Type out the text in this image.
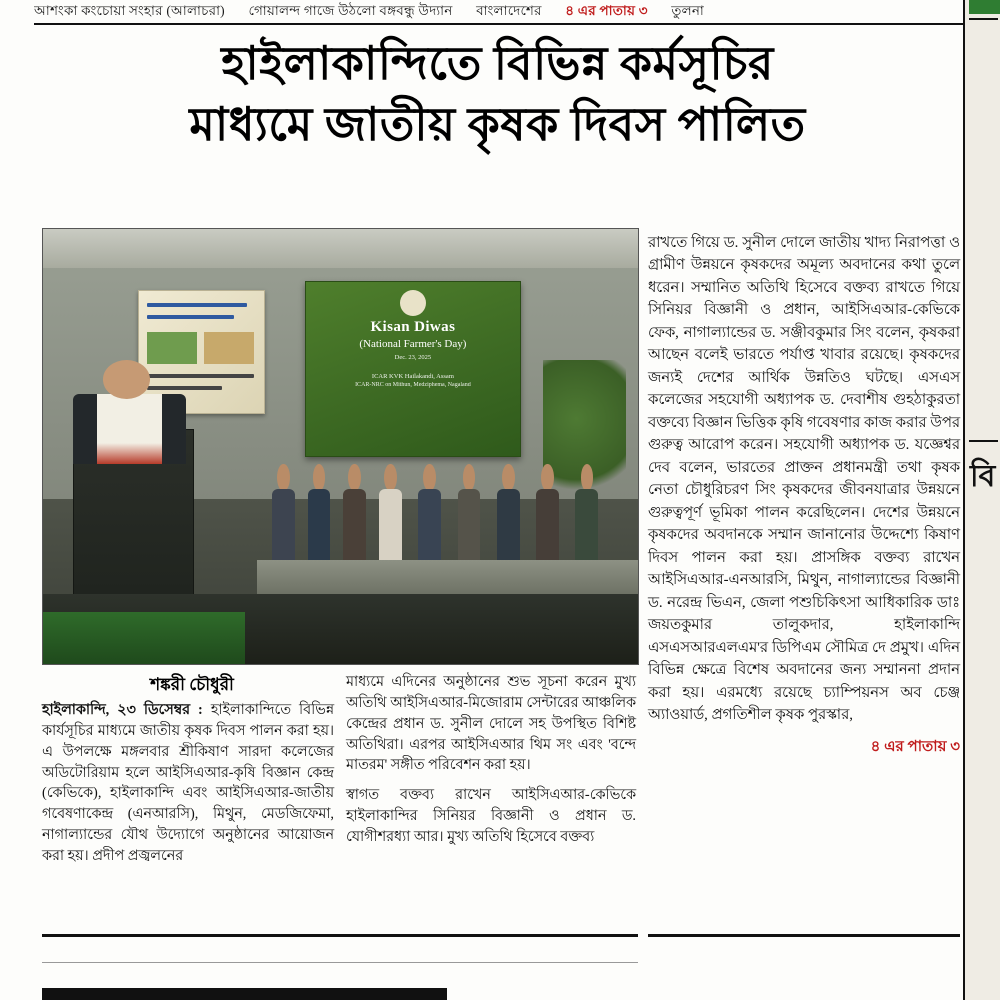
আশংকা কংচোয়া সংহার (আলাচরা) গোয়ালন্দ গাজে উঠলো বঙ্গবন্ধু উদ্যান বাংলাদেশের ৪ এর পাতায় ৩ তুলনা
বি
হাইলাকান্দিতে বিভিন্ন কর্মসূচির
মাধ্যমে জাতীয় কৃষক দিবস পালিত
Kisan Diwas
(National Farmer's Day)
Dec. 23, 2025
ICAR KVK Hailakandi, Assam
ICAR-NRC on Mithun, Medziphema, Nagaland
শঙ্করী চৌধুরী

হাইলাকান্দি, ২৩ ডিসেম্বর : হাইলাকান্দিতে বিভিন্ন কার্যসূচির মাধ্যমে জাতীয় কৃষক দিবস পালন করা হয়। এ উপলক্ষে মঙ্গলবার শ্রীকিষাণ সারদা কলেজের অডিটোরিয়াম হলে আইসিএআর-কৃষি বিজ্ঞান কেন্দ্র (কেভিকে), হাইলাকান্দি এবং আইসিএআর-জাতীয় গবেষণাকেন্দ্র (এনআরসি), মিথুন, মেডজিফেমা, নাগাল্যান্ডের যৌথ উদ্যোগে অনুষ্ঠানের আয়োজন করা হয়। প্রদীপ প্রজ্বলনের

মাধ্যমে এদিনের অনুষ্ঠানের শুভ সূচনা করেন মুখ্য অতিথি আইসিএআর-মিজোরাম সেন্টারের আঞ্চলিক কেন্দ্রের প্রধান ড. সুনীল দোলে সহ উপস্থিত বিশিষ্ট অতিথিরা। এরপর আইসিএআর থিম সং এবং 'বন্দে মাতরম' সঙ্গীত পরিবেশন করা হয়।

স্বাগত বক্তব্য রাখেন আইসিএআর-কেভিকে হাইলাকান্দির সিনিয়র বিজ্ঞানী ও প্রধান ড. যোগীশরধ্যা আর। মুখ্য অতিথি হিসেবে বক্তব্য

রাখতে গিয়ে ড. সুনীল দোলে জাতীয় খাদ্য নিরাপত্তা ও গ্রামীণ উন্নয়নে কৃষকদের অমূল্য অবদানের কথা তুলে ধরেন। সম্মানিত অতিথি হিসেবে বক্তব্য রাখতে গিয়ে সিনিয়র বিজ্ঞানী ও প্রধান, আইসিএআর-কেভিকে ফেক, নাগাল্যান্ডের ড. সঞ্জীবকুমার সিং বলেন, কৃষকরা আছেন বলেই ভারতে পর্যাপ্ত খাবার রয়েছে। কৃষকদের জন্যই দেশের আর্থিক উন্নতিও ঘটছে। এসএস কলেজের সহযোগী অধ্যাপক ড. দেবাশীষ গুহঠাকুরতা বক্তব্যে বিজ্ঞান ভিত্তিক কৃষি গবেষণার কাজ করার উপর গুরুত্ব আরোপ করেন। সহযোগী অধ্যাপক ড. যজ্ঞেশ্বর দেব বলেন, ভারতের প্রাক্তন প্রধানমন্ত্রী তথা কৃষক নেতা চৌধুরিচরণ সিং কৃষকদের জীবনযাত্রার উন্নয়নে গুরুত্বপূর্ণ ভূমিকা পালন করেছিলেন। দেশের উন্নয়নে কৃষকদের অবদানকে সম্মান জানানোর উদ্দেশ্যে কিষাণ দিবস পালন করা হয়। প্রাসঙ্গিক বক্তব্য রাখেন আইসিএআর-এনআরসি, মিথুন, নাগাল্যান্ডের বিজ্ঞানী ড. নরেন্দ্র ভিএন, জেলা পশুচিকিৎসা আধিকারিক ডাঃ জয়তকুমার তালুকদার, হাইলাকান্দি এসএসআরএলএম'র ডিপিএম সৌমিত্র দে প্রমুখ। এদিন বিভিন্ন ক্ষেত্রে বিশেষ অবদানের জন্য সম্মাননা প্রদান করা হয়। এরমধ্যে রয়েছে চ্যাম্পিয়নস অব চেঞ্জ অ্যাওয়ার্ড, প্রগতিশীল কৃষক পুরস্কার,

৪ এর পাতায় ৩
